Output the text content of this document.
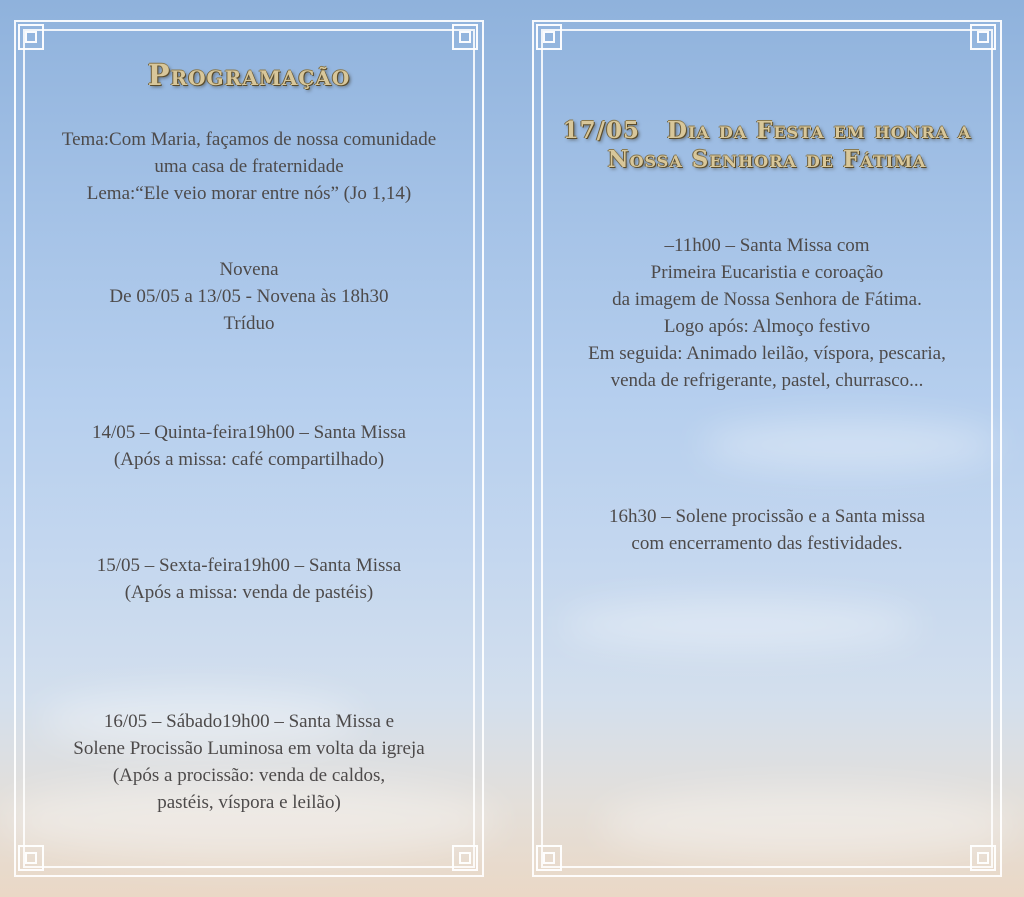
Programação
Tema:Com Maria, façamos de nossa comunidade
uma casa de fraternidade
Lema:“Ele veio morar entre nós” (Jo 1,14)
Novena
De 05/05 a 13/05 - Novena às 18h30
Tríduo
14/05 – Quinta-feira19h00 – Santa Missa
(Após a missa: café compartilhado)
15/05 – Sexta-feira19h00 – Santa Missa
(Após a missa: venda de pastéis)
16/05 – Sábado19h00 – Santa Missa e
Solene Procissão Luminosa em volta da igreja
(Após a procissão: venda de caldos,
pastéis, víspora e leilão)
17/05   Dia da Festa em honra a
Nossa Senhora de Fátima
–11h00 – Santa Missa com
Primeira Eucaristia e coroação
da imagem de Nossa Senhora de Fátima.
Logo após: Almoço festivo
Em seguida: Animado leilão, víspora, pescaria,
venda de refrigerante, pastel, churrasco...
16h30 – Solene procissão e a Santa missa
com encerramento das festividades.
